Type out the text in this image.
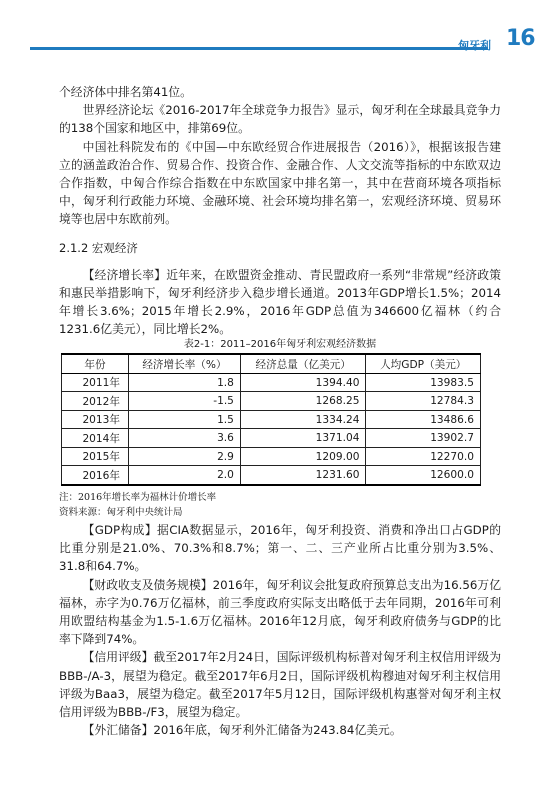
匈牙利 16

个经济体中排名第41位。

世界经济论坛《2016-2017年全球竞争力报告》显示，匈牙利在全球最具竞争力的138个国家和地区中，排第69位。

中国社科院发布的《中国—中东欧经贸合作进展报告（2016）》，根据该报告建立的涵盖政治合作、贸易合作、投资合作、金融合作、人文交流等指标的中东欧双边合作指数，中匈合作综合指数在中东欧国家中排名第一，其中在营商环境各项指标中，匈牙利行政能力环境、金融环境、社会环境均排名第一，宏观经济环境、贸易环境等也居中东欧前列。

2.1.2 宏观经济

【经济增长率】近年来，在欧盟资金推动、青民盟政府一系列“非常规”经济政策和惠民举措影响下，匈牙利经济步入稳步增长通道。2013年GDP增长1.5%；2014年增长3.6%；2015年增长2.9%，2016年GDP总值为346600亿福林（约合1231.6亿美元），同比增长2%。

表2-1：2011–2016年匈牙利宏观经济数据
年份	经济增长率（%）	经济总量（亿美元）	人均GDP（美元）
2011年	1.8	1394.40	13983.5
2012年	-1.5	1268.25	12784.3
2013年	1.5	1334.24	13486.6
2014年	3.6	1371.04	13902.7
2015年	2.9	1209.00	12270.0
2016年	2.0	1231.60	12600.0
注：2016年增长率为福林计价增长率
资料来源：匈牙利中央统计局

【GDP构成】据CIA数据显示，2016年，匈牙利投资、消费和净出口占GDP的比重分别是21.0%、70.3%和8.7%；第一、二、三产业所占比重分别为3.5%、31.8和64.7%。

【财政收支及债务规模】2016年，匈牙利议会批复政府预算总支出为16.56万亿福林，赤字为0.76万亿福林，前三季度政府实际支出略低于去年同期，2016年可利用欧盟结构基金为1.5-1.6万亿福林。2016年12月底，匈牙利政府债务与GDP的比率下降到74%。

【信用评级】截至2017年2月24日，国际评级机构标普对匈牙利主权信用评级为BBB-/A-3，展望为稳定。截至2017年6月2日，国际评级机构穆迪对匈牙利主权信用评级为Baa3，展望为稳定。截至2017年5月12日，国际评级机构惠誉对匈牙利主权信用评级为BBB-/F3，展望为稳定。

【外汇储备】2016年底，匈牙利外汇储备为243.84亿美元。
